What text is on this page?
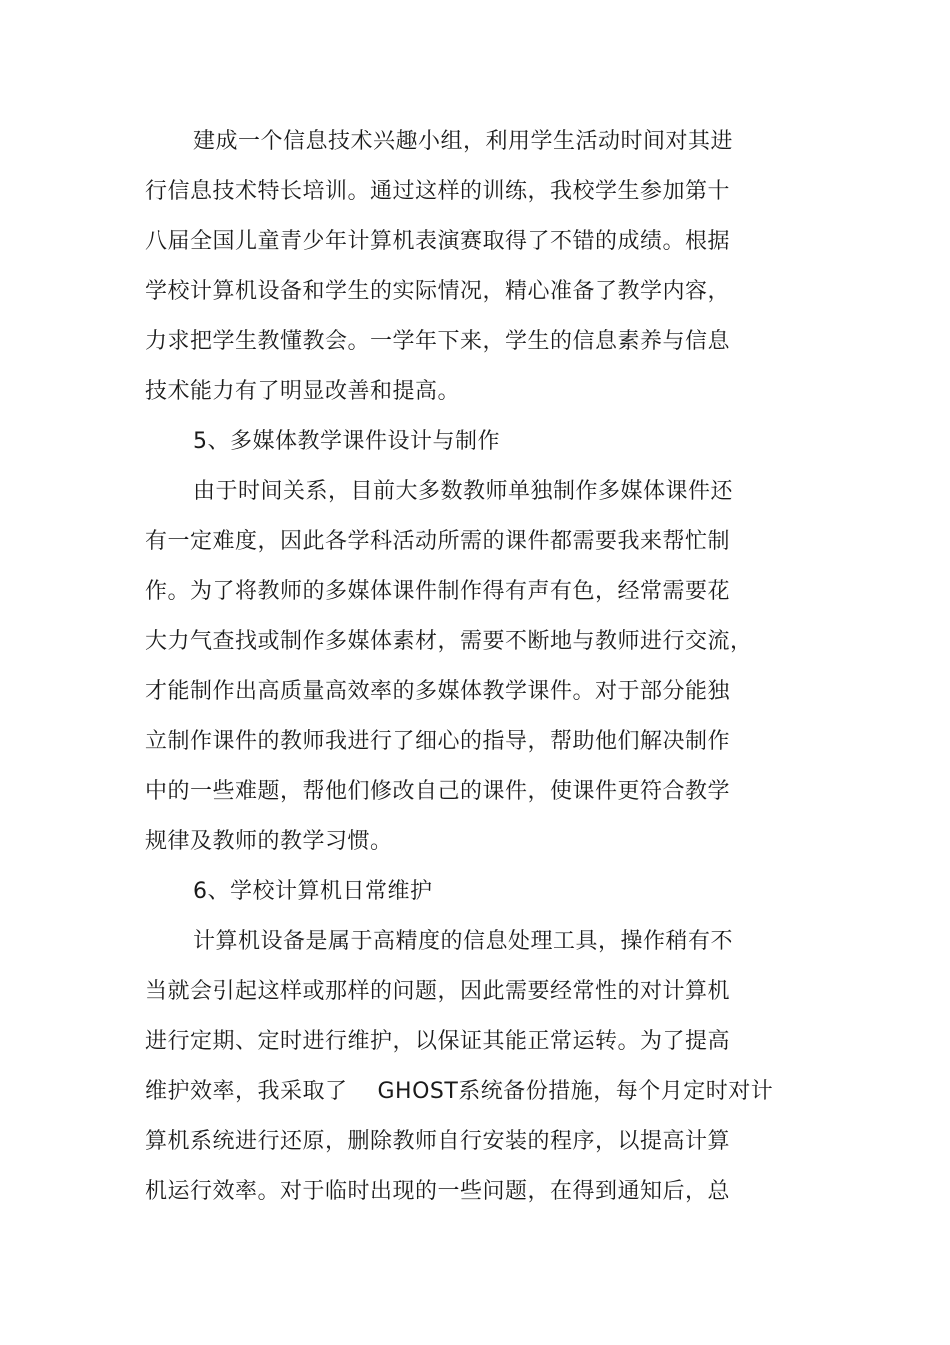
建成一个信息技术兴趣小组，利用学生活动时间对其进
行信息技术特长培训。通过这样的训练，我校学生参加第十
八届全国儿童青少年计算机表演赛取得了不错的成绩。根据
学校计算机设备和学生的实际情况，精心准备了教学内容，
力求把学生教懂教会。一学年下来，学生的信息素养与信息
技术能力有了明显改善和提高。
5、多媒体教学课件设计与制作
由于时间关系，目前大多数教师单独制作多媒体课件还
有一定难度，因此各学科活动所需的课件都需要我来帮忙制
作。为了将教师的多媒体课件制作得有声有色，经常需要花
大力气查找或制作多媒体素材，需要不断地与教师进行交流，
才能制作出高质量高效率的多媒体教学课件。对于部分能独
立制作课件的教师我进行了细心的指导，帮助他们解决制作
中的一些难题，帮他们修改自己的课件，使课件更符合教学
规律及教师的教学习惯。
6、学校计算机日常维护
计算机设备是属于高精度的信息处理工具，操作稍有不
当就会引起这样或那样的问题，因此需要经常性的对计算机
进行定期、定时进行维护，以保证其能正常运转。为了提高
维护效率，我采取了    GHOST系统备份措施，每个月定时对计
算机系统进行还原，删除教师自行安装的程序，以提高计算
机运行效率。对于临时出现的一些问题，在得到通知后，总
